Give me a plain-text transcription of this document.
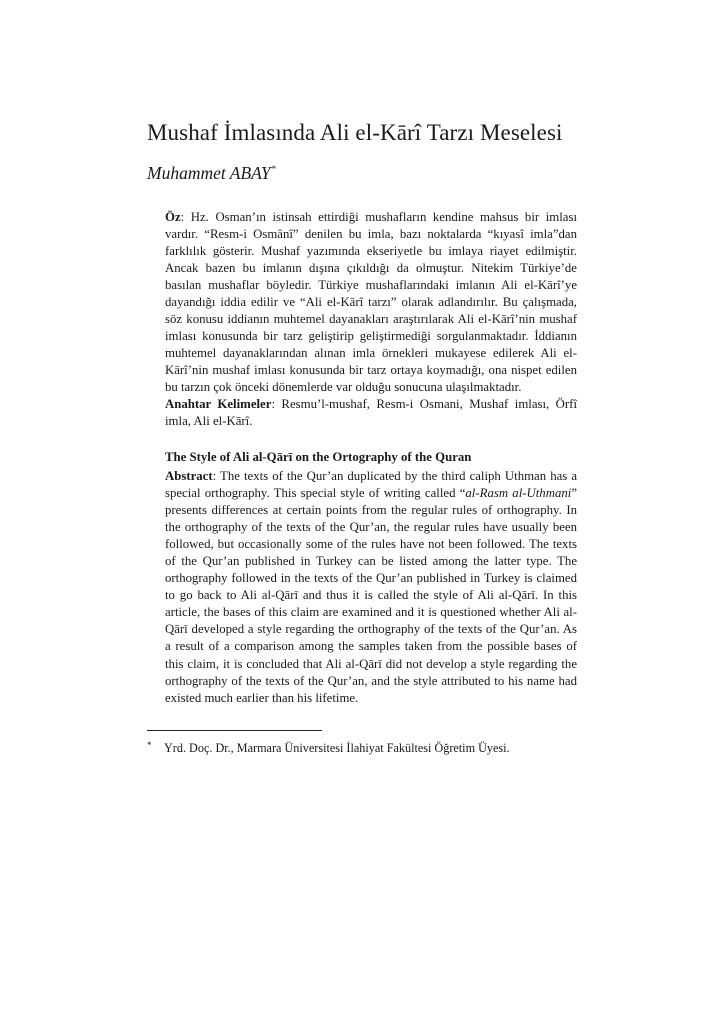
Mushaf İmlasında Ali el-Kārî Tarzı Meselesi
Muhammet ABAY*

Öz: Hz. Osman’ın istinsah ettirdiği mushafların kendine mahsus bir imlası vardır. “Resm-i Osmânî” denilen bu imla, bazı noktalarda “kıyasî imla”dan farklılık gösterir. Mushaf yazımında ekseriyetle bu imlaya riayet edilmiştir. Ancak bazen bu imlanın dışına çıkıldığı da olmuştur. Nitekim Türkiye’de basılan mushaflar böyledir. Türkiye mushaflarındaki imlanın Ali el-Kārî’ye dayandığı iddia edilir ve “Ali el-Kārî tarzı” olarak adlandırılır. Bu çalışmada, söz konusu iddianın muhtemel dayanakları araştırılarak Ali el-Kārî’nin mushaf imlası konusunda bir tarz geliştirip geliştirmediği sorgulanmaktadır. İddianın muhtemel dayanaklarından alınan imla örnekleri mukayese edilerek Ali el-Kārî’nin mushaf imlası konusunda bir tarz ortaya koymadığı, ona nispet edilen bu tarzın çok önceki dönemlerde var olduğu sonucuna ulaşılmaktadır.

Anahtar Kelimeler: Resmu’l-mushaf, Resm-i Osmani, Mushaf imlası, Örfî imla, Ali el-Kārî.

The Style of Ali al-Qārī on the Ortography of the Quran

Abstract: The texts of the Qur’an duplicated by the third caliph Uthman has a special orthography. This special style of writing called “al-Rasm al-Uthmani” presents differences at certain points from the regular rules of orthography. In the orthography of the texts of the Qur’an, the regular rules have usually been followed, but occasionally some of the rules have not been followed. The texts of the Qur’an published in Turkey can be listed among the latter type. The orthography followed in the texts of the Qur’an published in Turkey is claimed to go back to Ali al-Qārī and thus it is called the style of Ali al-Qārī. In this article, the bases of this claim are examined and it is questioned whether Ali al-Qārī developed a style regarding the orthography of the texts of the Qur’an. As a result of a comparison among the samples taken from the possible bases of this claim, it is concluded that Ali al-Qārī did not develop a style regarding the orthography of the texts of the Qur’an, and the style attributed to his name had existed much earlier than his lifetime.

* Yrd. Doç. Dr., Marmara Üniversitesi İlahiyat Fakültesi Öğretim Üyesi.
